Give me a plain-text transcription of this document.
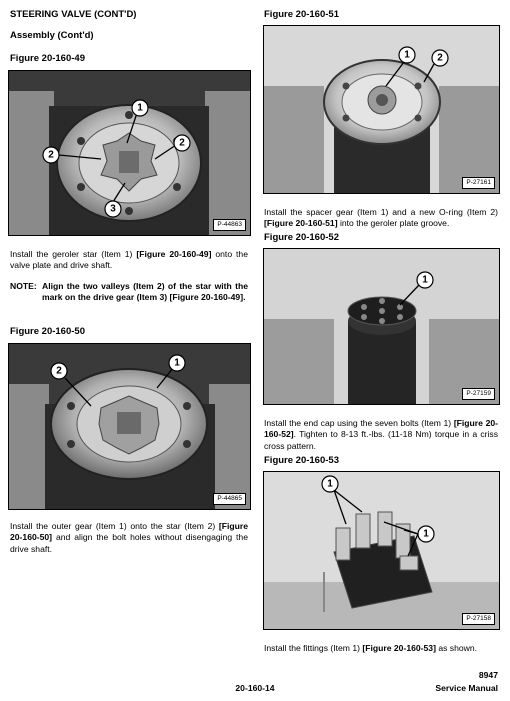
STEERING VALVE (CONT'D)
Assembly (Cont'd)
Figure 20-160-49
1
2
2
3
P-44863
Install the geroler star (Item 1) [Figure 20-160-49] onto the valve plate and drive shaft.
NOTE: Align the two valleys (Item 2) of the star with the mark on the drive gear (Item 3) [Figure 20-160-49].
Figure 20-160-50
2
1
P-44865
Install the outer gear (Item 1) onto the star (Item 2) [Figure 20-160-50] and align the bolt holes without disengaging the drive shaft.
Figure 20-160-51
1	2
P-27161
Install the spacer gear (Item 1) and a new O-ring (Item 2) [Figure 20-160-51] into the geroler plate groove.
Figure 20-160-52
1
P-27159
Install the end cap using the seven bolts (Item 1) [Figure 20-160-52]. Tighten to 8-13 ft.-lbs. (11-18 Nm) torque in a criss cross pattern.
Figure 20-160-53
1
1
P-27158
Install the fittings (Item 1) [Figure 20-160-53] as shown.
20-160-14
8947
Service Manual
